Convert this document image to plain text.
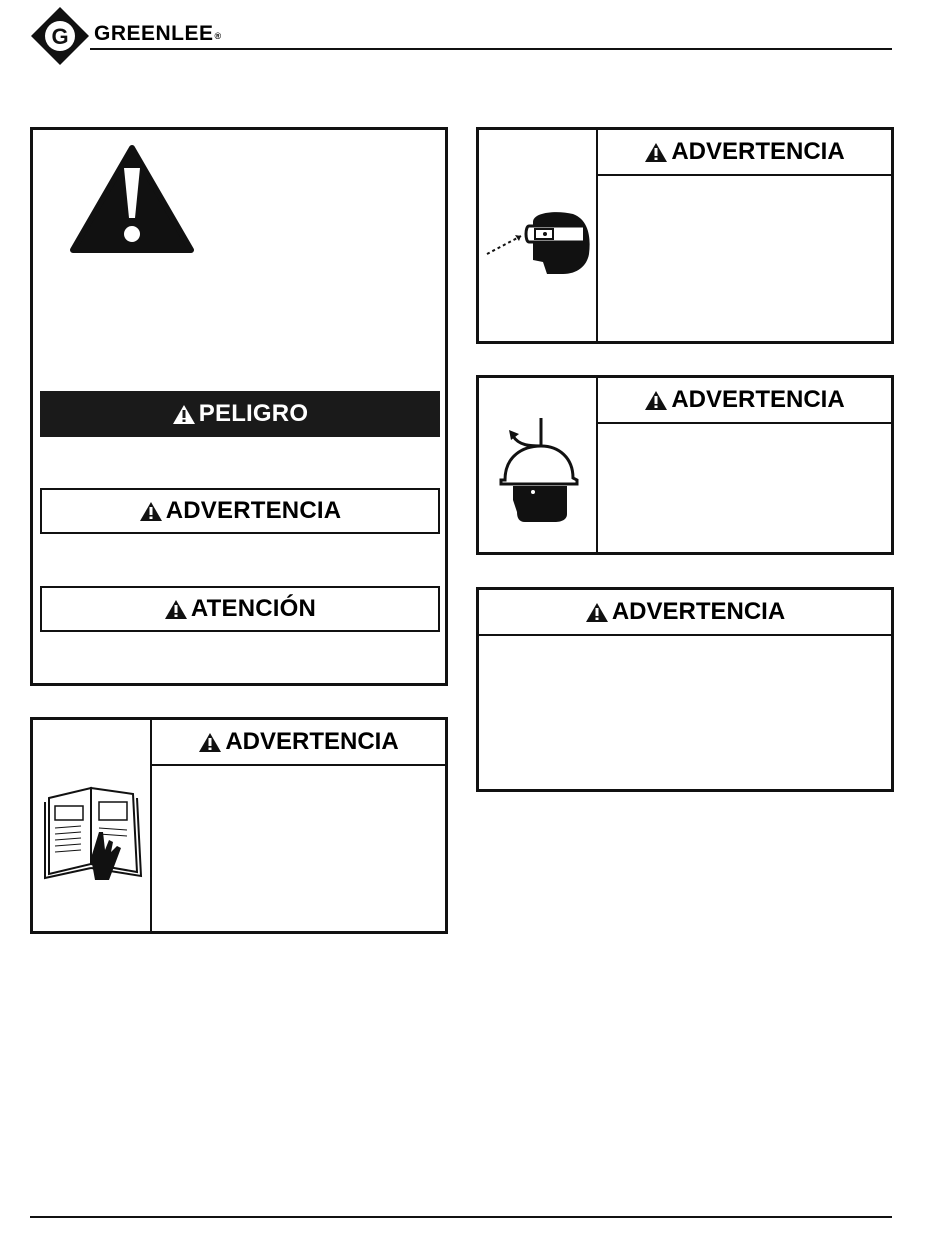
G GREENLEE®
PELIGRO
ADVERTENCIA
ATENCIÓN
ADVERTENCIA
ADVERTENCIA
ADVERTENCIA
ADVERTENCIA
